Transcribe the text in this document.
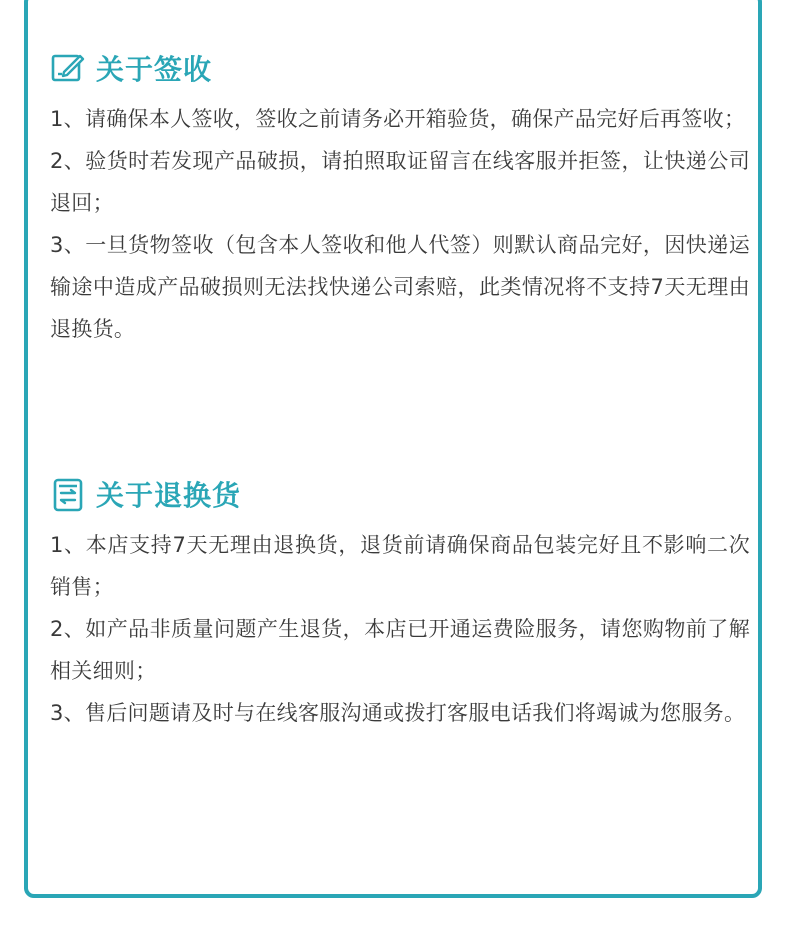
关于签收

1、请确保本人签收，签收之前请务必开箱验货，确保产品完好后再签收；

2、验货时若发现产品破损，请拍照取证留言在线客服并拒签，让快递公司退回；

3、一旦货物签收（包含本人签收和他人代签）则默认商品完好，因快递运输途中造成产品破损则无法找快递公司索赔，此类情况将不支持7天无理由退换货。

关于退换货

1、本店支持7天无理由退换货，退货前请确保商品包装完好且不影响二次销售；

2、如产品非质量问题产生退货，本店已开通运费险服务，请您购物前了解相关细则；

3、售后问题请及时与在线客服沟通或拨打客服电话我们将竭诚为您服务。
